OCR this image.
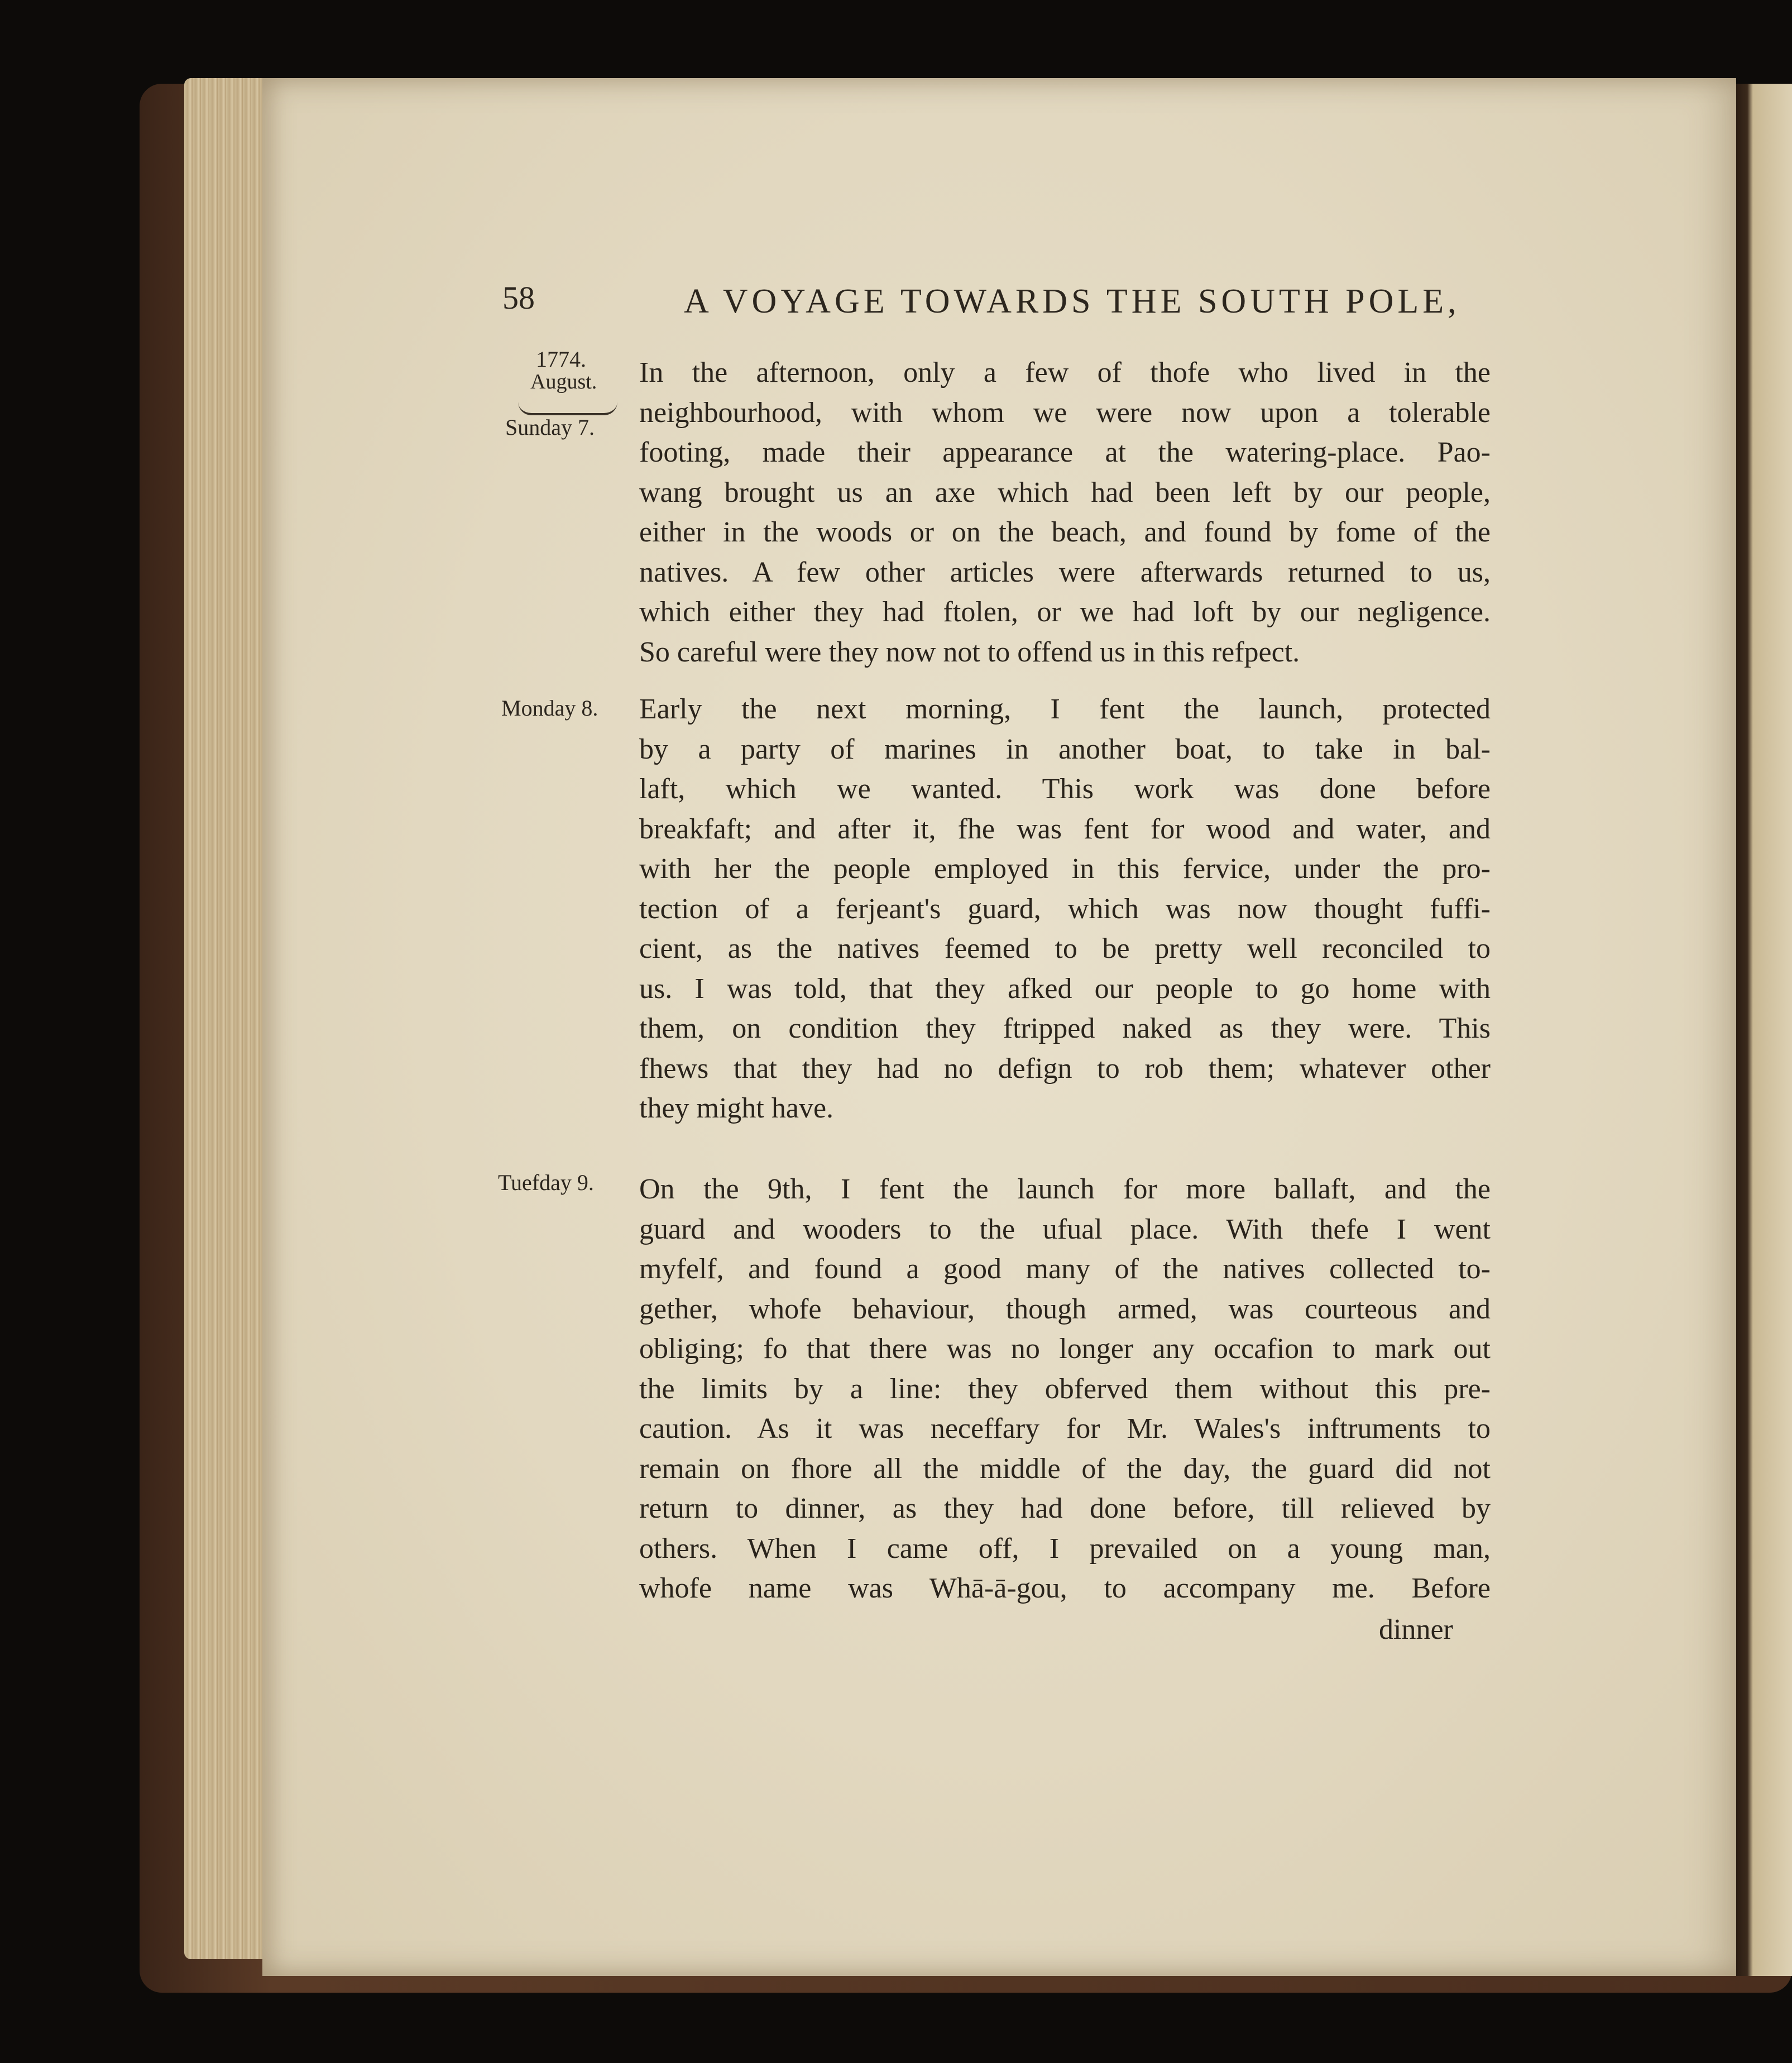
58	A VOYAGE TOWARDS THE SOUTH POLE,
1774.
August.
Sunday 7.
Monday 8.
Tuefday 9.
In the afternoon, only a few of thofe who lived in the
neighbourhood, with whom we were now upon a tolerable
footing, made their appearance at the watering-place. Pao-
wang brought us an axe which had been left by our people,
either in the woods or on the beach, and found by fome of the
natives. A few other articles were afterwards returned to us,
which either they had ftolen, or we had loft by our negligence.
So careful were they now not to offend us in this refpect.
Early the next morning, I fent the launch, protected
by a party of marines in another boat, to take in bal-
laft, which we wanted. This work was done before
breakfaft; and after it, fhe was fent for wood and water, and
with her the people employed in this fervice, under the pro-
tection of a ferjeant's guard, which was now thought fuffi-
cient, as the natives feemed to be pretty well reconciled to
us. I was told, that they afked our people to go home with
them, on condition they ftripped naked as they were. This
fhews that they had no defign to rob them; whatever other
they might have.
On the 9th, I fent the launch for more ballaft, and the
guard and wooders to the ufual place. With thefe I went
myfelf, and found a good many of the natives collected to-
gether, whofe behaviour, though armed, was courteous and
obliging; fo that there was no longer any occafion to mark out
the limits by a line: they obferved them without this pre-
caution. As it was neceffary for Mr. Wales's inftruments to
remain on fhore all the middle of the day, the guard did not
return to dinner, as they had done before, till relieved by
others. When I came off, I prevailed on a young man,
whofe name was Whā-ā-gou, to accompany me. Before
dinner
